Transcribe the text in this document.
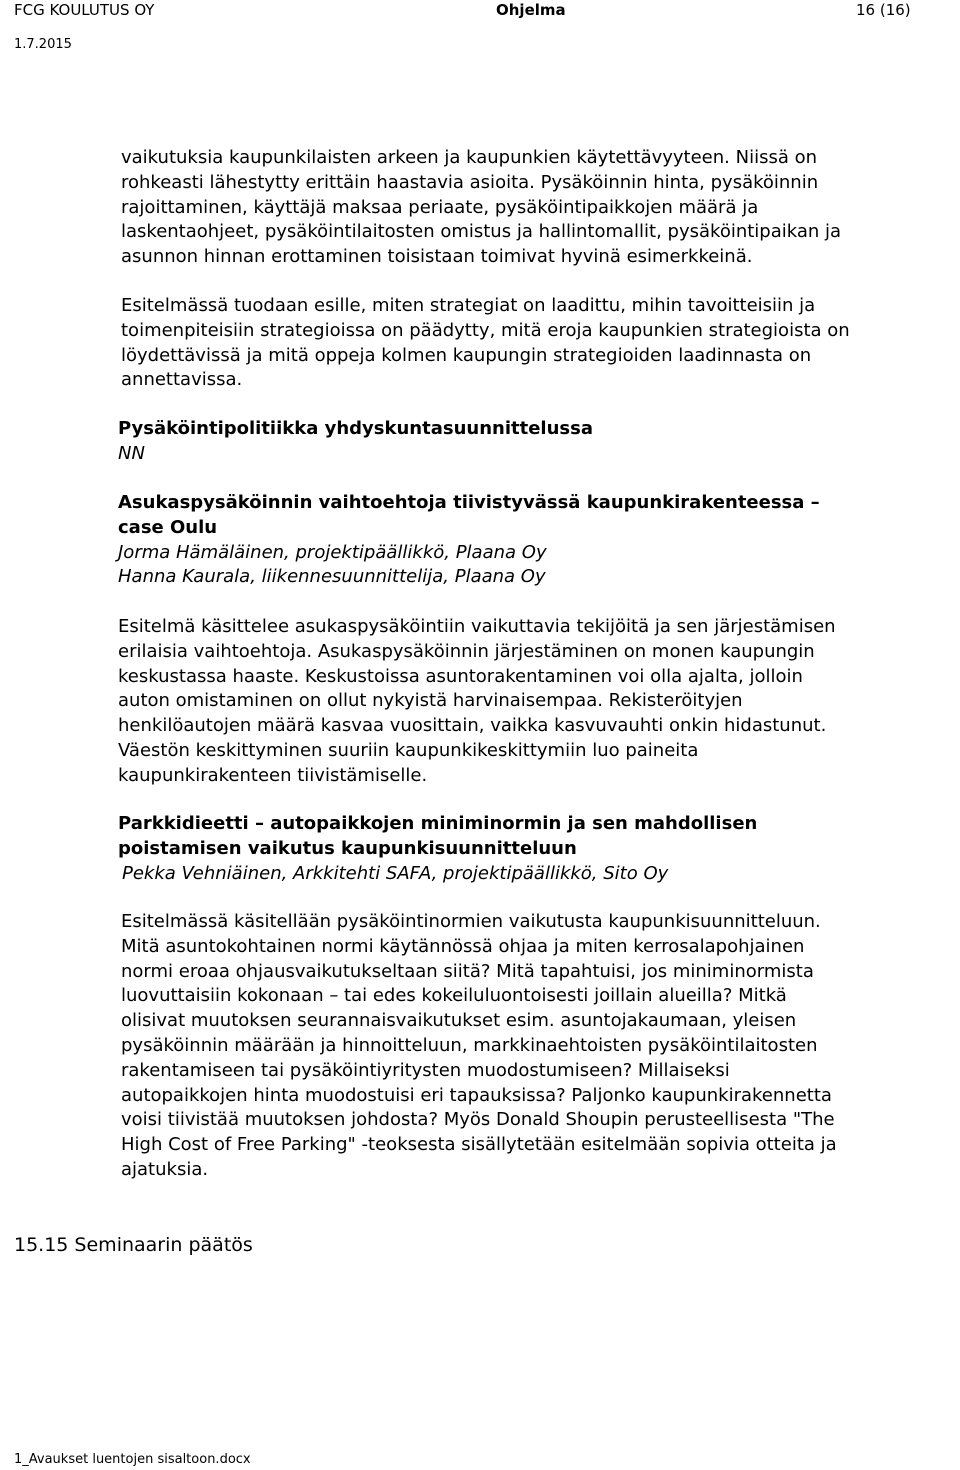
FCG KOULUTUS OY
1.7.2015
Ohjelma	16 (16)

vaikutuksia kaupunkilaisten arkeen ja kaupunkien käytettävyyteen. Niissä on
rohkeasti lähestytty erittäin haastavia asioita. Pysäköinnin hinta, pysäköinnin
rajoittaminen, käyttäjä maksaa periaate, pysäköintipaikkojen määrä ja
laskentaohjeet, pysäköintilaitosten omistus ja hallintomallit, pysäköintipaikan ja
asunnon hinnan erottaminen toisistaan toimivat hyvinä esimerkkeinä.

Esitelmässä tuodaan esille, miten strategiat on laadittu, mihin tavoitteisiin ja
toimenpiteisiin strategioissa on päädytty, mitä eroja kaupunkien strategioista on
löydettävissä ja mitä oppeja kolmen kaupungin strategioiden laadinnasta on
annettavissa.

Pysäköintipolitiikka yhdyskuntasuunnittelussa
NN
Asukaspysäköinnin vaihtoehtoja tiivistyvässä kaupunkirakenteessa –
case Oulu
Jorma Hämäläinen, projektipäällikkö, Plaana Oy
Hanna Kaurala, liikennesuunnittelija, Plaana Oy

Esitelmä käsittelee asukaspysäköintiin vaikuttavia tekijöitä ja sen järjestämisen
erilaisia vaihtoehtoja. Asukaspysäköinnin järjestäminen on monen kaupungin
keskustassa haaste. Keskustoissa asuntorakentaminen voi olla ajalta, jolloin
auton omistaminen on ollut nykyistä harvinaisempaa. Rekisteröityjen
henkilöautojen määrä kasvaa vuosittain, vaikka kasvuvauhti onkin hidastunut.
Väestön keskittyminen suuriin kaupunkikeskittymiin luo paineita
kaupunkirakenteen tiivistämiselle.

Parkkidieetti – autopaikkojen miniminormin ja sen mahdollisen
poistamisen vaikutus kaupunkisuunnitteluun
Pekka Vehniäinen, Arkkitehti SAFA, projektipäällikkö, Sito Oy

Esitelmässä käsitellään pysäköintinormien vaikutusta kaupunkisuunnitteluun.
Mitä asuntokohtainen normi käytännössä ohjaa ja miten kerrosalapohjainen
normi eroaa ohjausvaikutukseltaan siitä? Mitä tapahtuisi, jos miniminormista
luovuttaisiin kokonaan – tai edes kokeiluluontoisesti joillain alueilla? Mitkä
olisivat muutoksen seurannaisvaikutukset esim. asuntojakaumaan, yleisen
pysäköinnin määrään ja hinnoitteluun, markkinaehtoisten pysäköintilaitosten
rakentamiseen tai pysäköintiyritysten muodostumiseen? Millaiseksi
autopaikkojen hinta muodostuisi eri tapauksissa? Paljonko kaupunkirakennetta
voisi tiivistää muutoksen johdosta? Myös Donald Shoupin perusteellisesta "The
High Cost of Free Parking" -teoksesta sisällytetään esitelmään sopivia otteita ja
ajatuksia.

15.15 Seminaarin päätös
1_Avaukset luentojen sisaltoon.docx
